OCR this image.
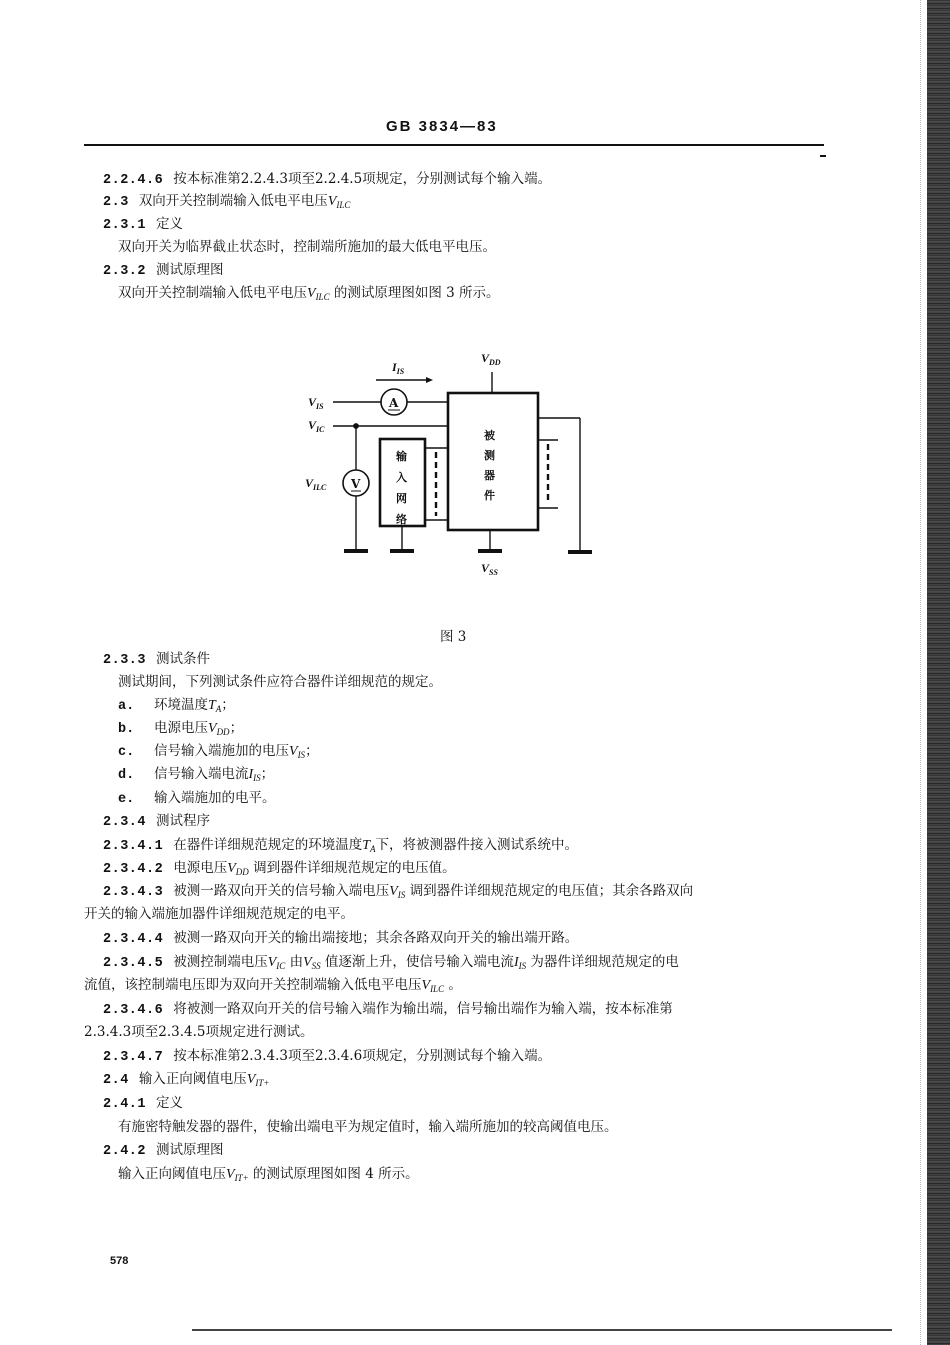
GB 3834—83
2.2.4.6 按本标准第2.2.4.3项至2.2.4.5项规定，分别测试每个输入端。
2.3 双向开关控制端输入低电平电压$V_{ILC}$
2.3.1 定义
双向开关为临界截止状态时，控制端所施加的最大低电平电压。
2.3.2 测试原理图
双向开关控制端输入低电平电压$V_{ILC}$ 的测试原理图如图 3 所示。
$I_{IS}$
$V_{DD}$
$V_{IS}$
$V_{IC}$
$V_{ILC}$
$V_{SS}$
A
V
输
入
网
络
被
测
器
件
图 3
2.3.3 测试条件
测试期间，下列测试条件应符合器件详细规范的规定。
a. 环境温度$T_A$；
b. 电源电压$V_{DD}$；
c. 信号输入端施加的电压$V_{IS}$；
d. 信号输入端电流$I_{IS}$；
e. 输入端施加的电平。
2.3.4 测试程序
2.3.4.1 在器件详细规范规定的环境温度$T_A$下，将被测器件接入测试系统中。
2.3.4.2 电源电压$V_{DD}$ 调到器件详细规范规定的电压值。
2.3.4.3 被测一路双向开关的信号输入端电压$V_{IS}$ 调到器件详细规范规定的电压值；其余各路双向
开关的输入端施加器件详细规范规定的电平。
2.3.4.4 被测一路双向开关的输出端接地；其余各路双向开关的输出端开路。
2.3.4.5 被测控制端电压$V_{IC}$ 由$V_{SS}$ 值逐渐上升，使信号输入端电流$I_{IS}$ 为器件详细规范规定的电
流值，该控制端电压即为双向开关控制端输入低电平电压$V_{ILC}$ 。
2.3.4.6 将被测一路双向开关的信号输入端作为输出端，信号输出端作为输入端，按本标准第
2.3.4.3项至2.3.4.5项规定进行测试。
2.3.4.7 按本标准第2.3.4.3项至2.3.4.6项规定，分别测试每个输入端。
2.4 输入正向阈值电压$V_{IT+}$
2.4.1 定义
有施密特触发器的器件，使输出端电平为规定值时，输入端所施加的较高阈值电压。
2.4.2 测试原理图
输入正向阈值电压$V_{IT+}$ 的测试原理图如图 4 所示。
578
